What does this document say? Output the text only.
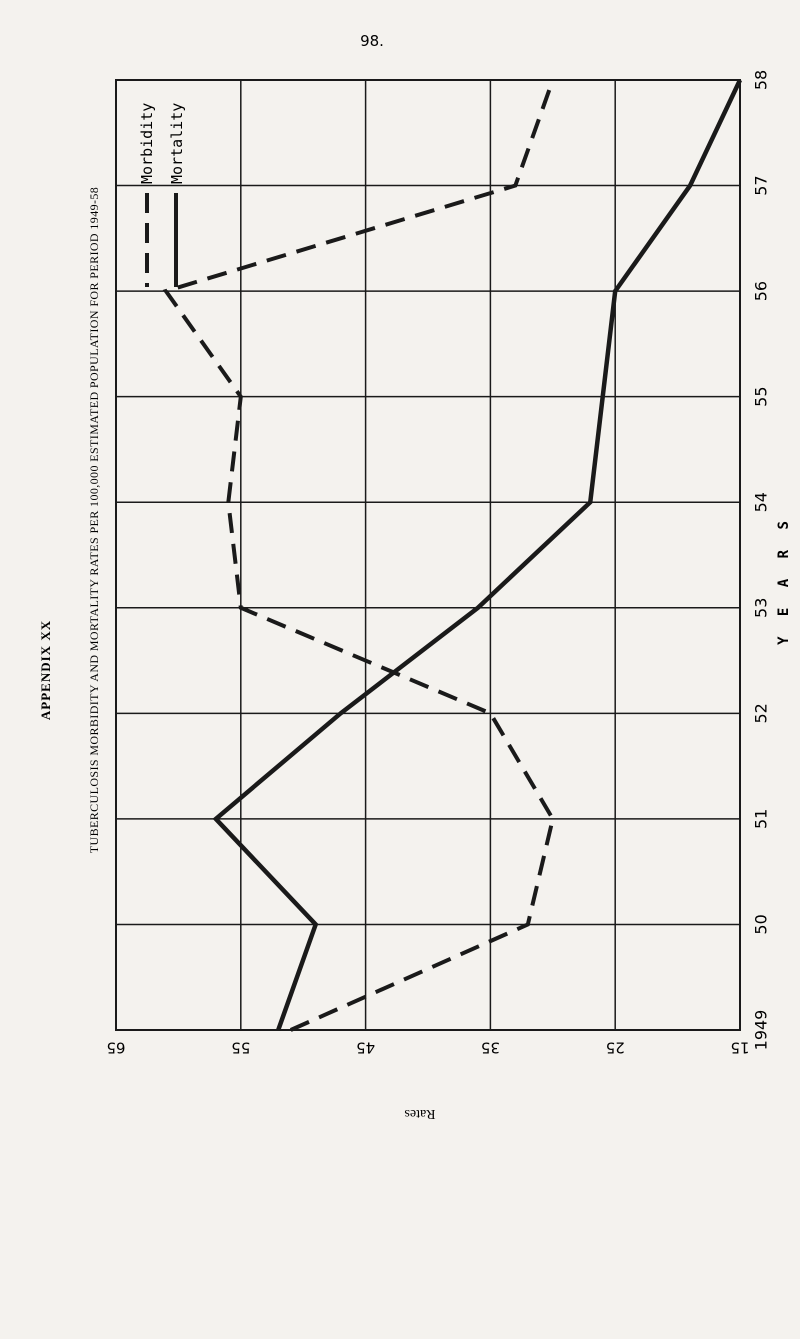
98.
APPENDIX XX	TUBERCULOSIS MORBIDITY AND MORTALITY RATES PER 100,000 ESTIMATED POPULATION FOR PERIOD 1949-58
15
25
35
45
55
65	1949
50
51
52
53
54
55
56
57
58
Morbidity Mortality
Rates
Y E A R S
